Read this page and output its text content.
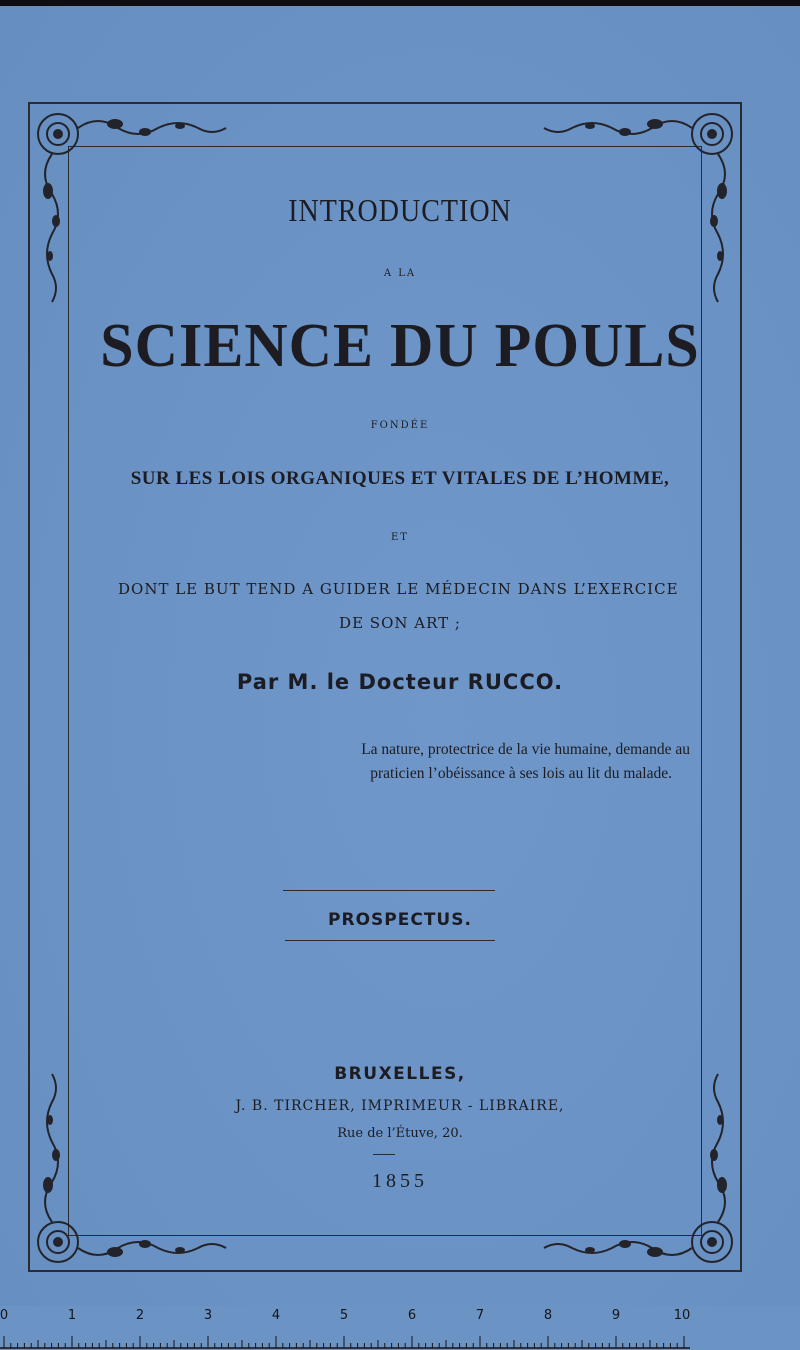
INTRODUCTION

A LA

SCIENCE DU POULS

FONDÉE

SUR LES LOIS ORGANIQUES ET VITALES DE L’HOMME,

ET

DONT LE BUT TEND A GUIDER LE MÉDECIN DANS L’EXERCICE

DE SON ART ;

Par M. le Docteur RUCCO.

La nature, protectrice de la vie humaine, demande au
praticien l’obéissance à ses lois au lit du malade.

PROSPECTUS.

BRUXELLES,

J. B. TIRCHER, IMPRIMEUR - LIBRAIRE,

Rue de l’Étuve, 20.

1855

0	1	2	3	4	5	6	7	8	9	10
